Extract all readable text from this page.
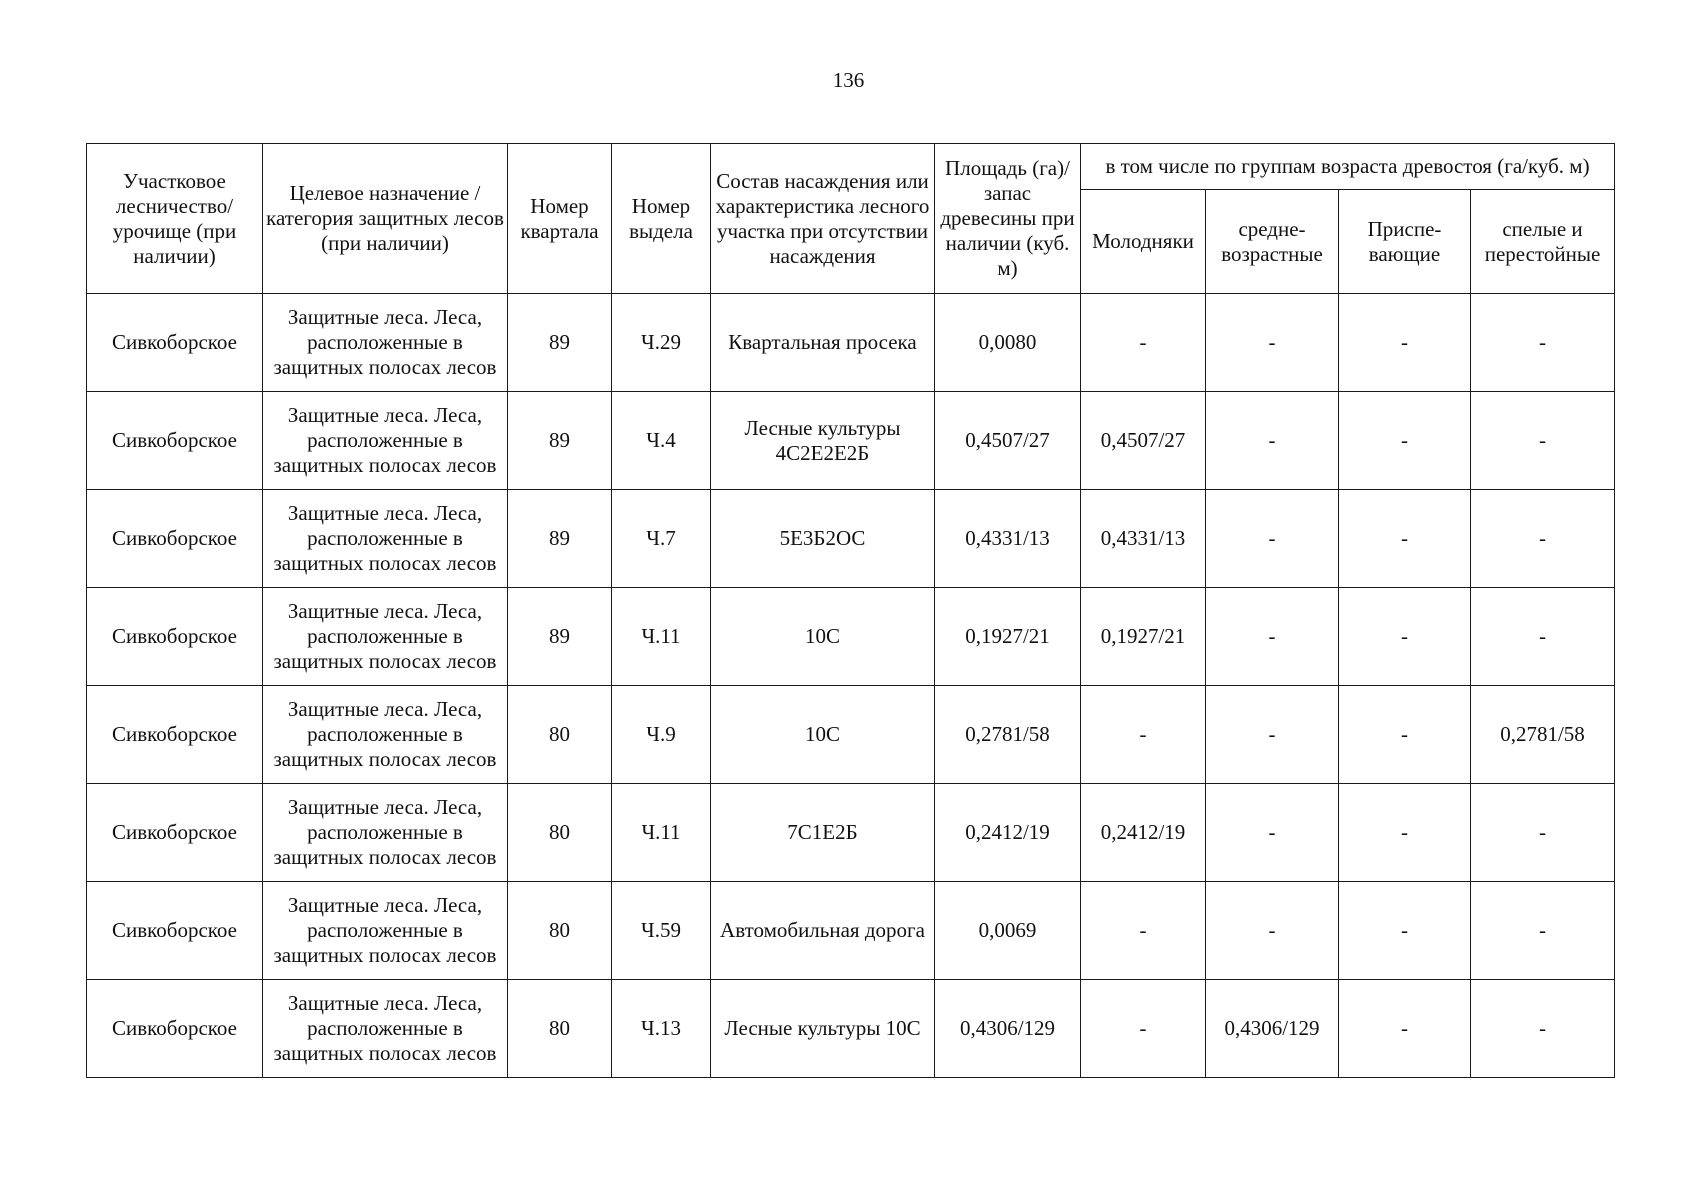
136
Участковое лесничество/ урочище (при наличии)	Целевое назначение / категория защитных лесов (при наличии)	Номер квартала	Номер выдела	Состав насаждения или характеристика лесного участка при отсутствии насаждения	Площадь (га)/ запас древесины при наличии (куб. м)	в том числе по группам возраста древостоя (га/куб. м)			
						Молодняки	средне- возрастные	Приспе- вающие	спелые и перестойные
Сивкоборское	Защитные леса. Леса, расположенные в защитных полосах лесов	89	Ч.29	Квартальная просека	0,0080	-	-	-	-
Сивкоборское	Защитные леса. Леса, расположенные в защитных полосах лесов	89	Ч.4	Лесные культуры 4С2Е2Е2Б	0,4507/27	0,4507/27	-	-	-
Сивкоборское	Защитные леса. Леса, расположенные в защитных полосах лесов	89	Ч.7	5Е3Б2ОС	0,4331/13	0,4331/13	-	-	-
Сивкоборское	Защитные леса. Леса, расположенные в защитных полосах лесов	89	Ч.11	10С	0,1927/21	0,1927/21	-	-	-
Сивкоборское	Защитные леса. Леса, расположенные в защитных полосах лесов	80	Ч.9	10С	0,2781/58	-	-	-	0,2781/58
Сивкоборское	Защитные леса. Леса, расположенные в защитных полосах лесов	80	Ч.11	7С1Е2Б	0,2412/19	0,2412/19	-	-	-
Сивкоборское	Защитные леса. Леса, расположенные в защитных полосах лесов	80	Ч.59	Автомобильная дорога	0,0069	-	-	-	-
Сивкоборское	Защитные леса. Леса, расположенные в защитных полосах лесов	80	Ч.13	Лесные культуры 10С	0,4306/129	-	0,4306/129	-	-
